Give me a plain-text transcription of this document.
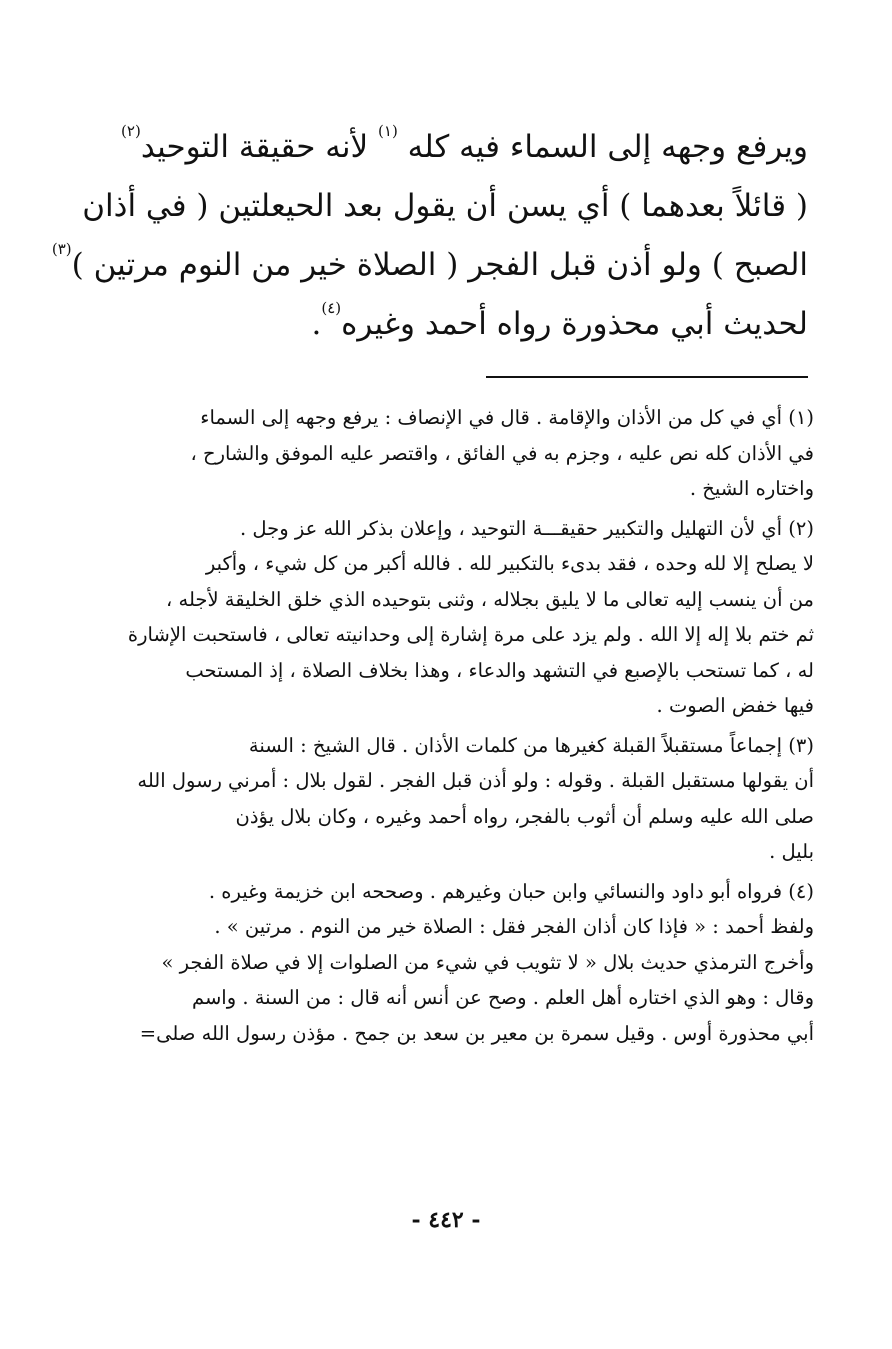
ويرفع وجهه إلى السماء فيه كله $^{(١)}$ لأنه حقيقة التوحيد$^{(٢)}$
( قائلاً بعدهما ) أي يسن أن يقول بعد الحيعلتين ( في أذان
الصبح ) ولو أذن قبل الفجر ( الصلاة خير من النوم مرتين )$^{(٣)}$
لحديث أبي محذورة رواه أحمد وغيره$^{(٤)}$.
(١) أي في كل من الأذان والإقامة . قال في الإنصاف : يرفع وجهه إلى السماء
في الأذان كله نص عليه ، وجزم به في الفائق ، واقتصر عليه الموفق والشارح ،
واختاره الشيخ .
(٢) أي لأن التهليل والتكبير حقيقـــة التوحيد ، وإعلان بذكر الله عز وجل .
لا يصلح إلا لله وحده ، فقد بدىء بالتكبير لله . فالله أكبر من كل شيء ، وأكبر
من أن ينسب إليه تعالى ما لا يليق بجلاله ، وثنى بتوحيده الذي خلق الخليقة لأجله ،
ثم ختم بلا إله إلا الله . ولم يزد على مرة إشارة إلى وحدانيته تعالى ، فاستحبت الإشارة
له ، كما تستحب بالإصبع في التشهد والدعاء ، وهذا بخلاف الصلاة ، إذ المستحب
فيها خفض الصوت .
(٣) إجماعاً مستقبلاً القبلة كغيرها من كلمات الأذان . قال الشيخ : السنة
أن يقولها مستقبل القبلة . وقوله : ولو أذن قبل الفجر . لقول بلال : أمرني رسول الله
صلى الله عليه وسلم أن أثوب بالفجر، رواه أحمد وغيره ، وكان بلال يؤذن
بليل .
(٤) فرواه أبو داود والنسائي وابن حبان وغيرهم . وصححه ابن خزيمة وغيره .
ولفظ أحمد : « فإذا كان أذان الفجر فقل : الصلاة خير من النوم . مرتين » .
وأخرج الترمذي حديث بلال « لا تثويب في شيء من الصلوات إلا في صلاة الفجر »
وقال : وهو الذي اختاره أهل العلم . وصح عن أنس أنه قال : من السنة . واسم
أبي محذورة أوس . وقيل سمرة بن معير بن سعد بن جمح . مؤذن رسول الله صلى=
- ٤٤٢ -
